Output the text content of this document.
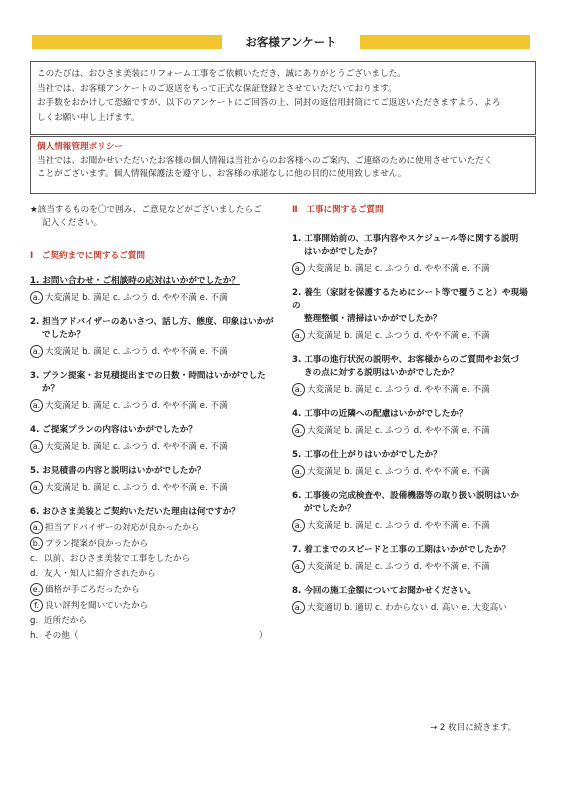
お客様アンケート

このたびは、おひさま美装にリフォーム工事をご依頼いただき、誠にありがとうございました。

当社では、お客様アンケートのご返送をもって正式な保証登録とさせていただいております。

お手数をおかけして恐縮ですが、以下のアンケートにご回答の上、同封の返信用封筒にてご返送いただきますよう、よろ

しくお願い申し上げます。

個人情報管理ポリシー

当社では、お聞かせいただいたお客様の個人情報は当社からのお客様へのご案内、ご連絡のために使用させていただく

ことがございます。個人情報保護法を遵守し、お客様の承諾なしに他の目的に使用致しません。

★該当するものを〇で囲み、ご意見などがございましたらご
記入ください。
Ⅰ　ご契約までに関するご質問

1. お問い合わせ・ご相談時の応対はいかがでしたか？

a. 大変満足 b. 満足 c. ふつう d. やや不満 e. 不満

2. 担当アドバイザーのあいさつ、話し方、態度、印象はいかが
でしたか？

a. 大変満足 b. 満足 c. ふつう d. やや不満 e. 不満

3. プラン提案・お見積提出までの日数・時間はいかがでした
か？

a. 大変満足 b. 満足 c. ふつう d. やや不満 e. 不満

4. ご提案プランの内容はいかがでしたか？

a. 大変満足 b. 満足 c. ふつう d. やや不満 e. 不満

5. お見積書の内容と説明はいかがでしたか？

a. 大変満足 b. 満足 c. ふつう d. やや不満 e. 不満

6. おひさま美装とご契約いただいた理由は何ですか？

a. 担当アドバイザーの対応が良かったから

b. プラン提案が良かったから

c. 以前、おひさま美装で工事をしたから

d. 友人・知人に紹介されたから

e. 価格が手ごろだったから

f. 良い評判を聞いていたから

g. 近所だから

h. その他（　　　　　　　　　　　　　　　　　　　　　）

Ⅱ　工事に関するご質問

1. 工事開始前の、工事内容やスケジュール等に関する説明
はいかがでしたか？

a. 大変満足 b. 満足 c. ふつう d. やや不満 e. 不満

2. 養生（家財を保護するためにシート等で覆うこと）や現場の
整理整頓・清掃はいかがでしたか？

a. 大変満足 b. 満足 c. ふつう d. やや不満 e. 不満

3. 工事の進行状況の説明や、お客様からのご質問やお気づ
きの点に対する説明はいかがでしたか？

a. 大変満足 b. 満足 c. ふつう d. やや不満 e. 不満

4. 工事中の近隣への配慮はいかがでしたか？

a. 大変満足 b. 満足 c. ふつう d. やや不満 e. 不満

5. 工事の仕上がりはいかがでしたか？

a. 大変満足 b. 満足 c. ふつう d. やや不満 e. 不満

6. 工事後の完成検査や、設備機器等の取り扱い説明はいか
がでしたか？

a. 大変満足 b. 満足 c. ふつう d. やや不満 e. 不満

7. 着工までのスピードと工事の工期はいかがでしたか？

a. 大変満足 b. 満足 c. ふつう d. やや不満 e. 不満

8. 今回の施工金額についてお聞かせください。

a. 大変適切 b. 適切 c. わからない d. 高い e. 大変高い

→ 2 枚目に続きます。
